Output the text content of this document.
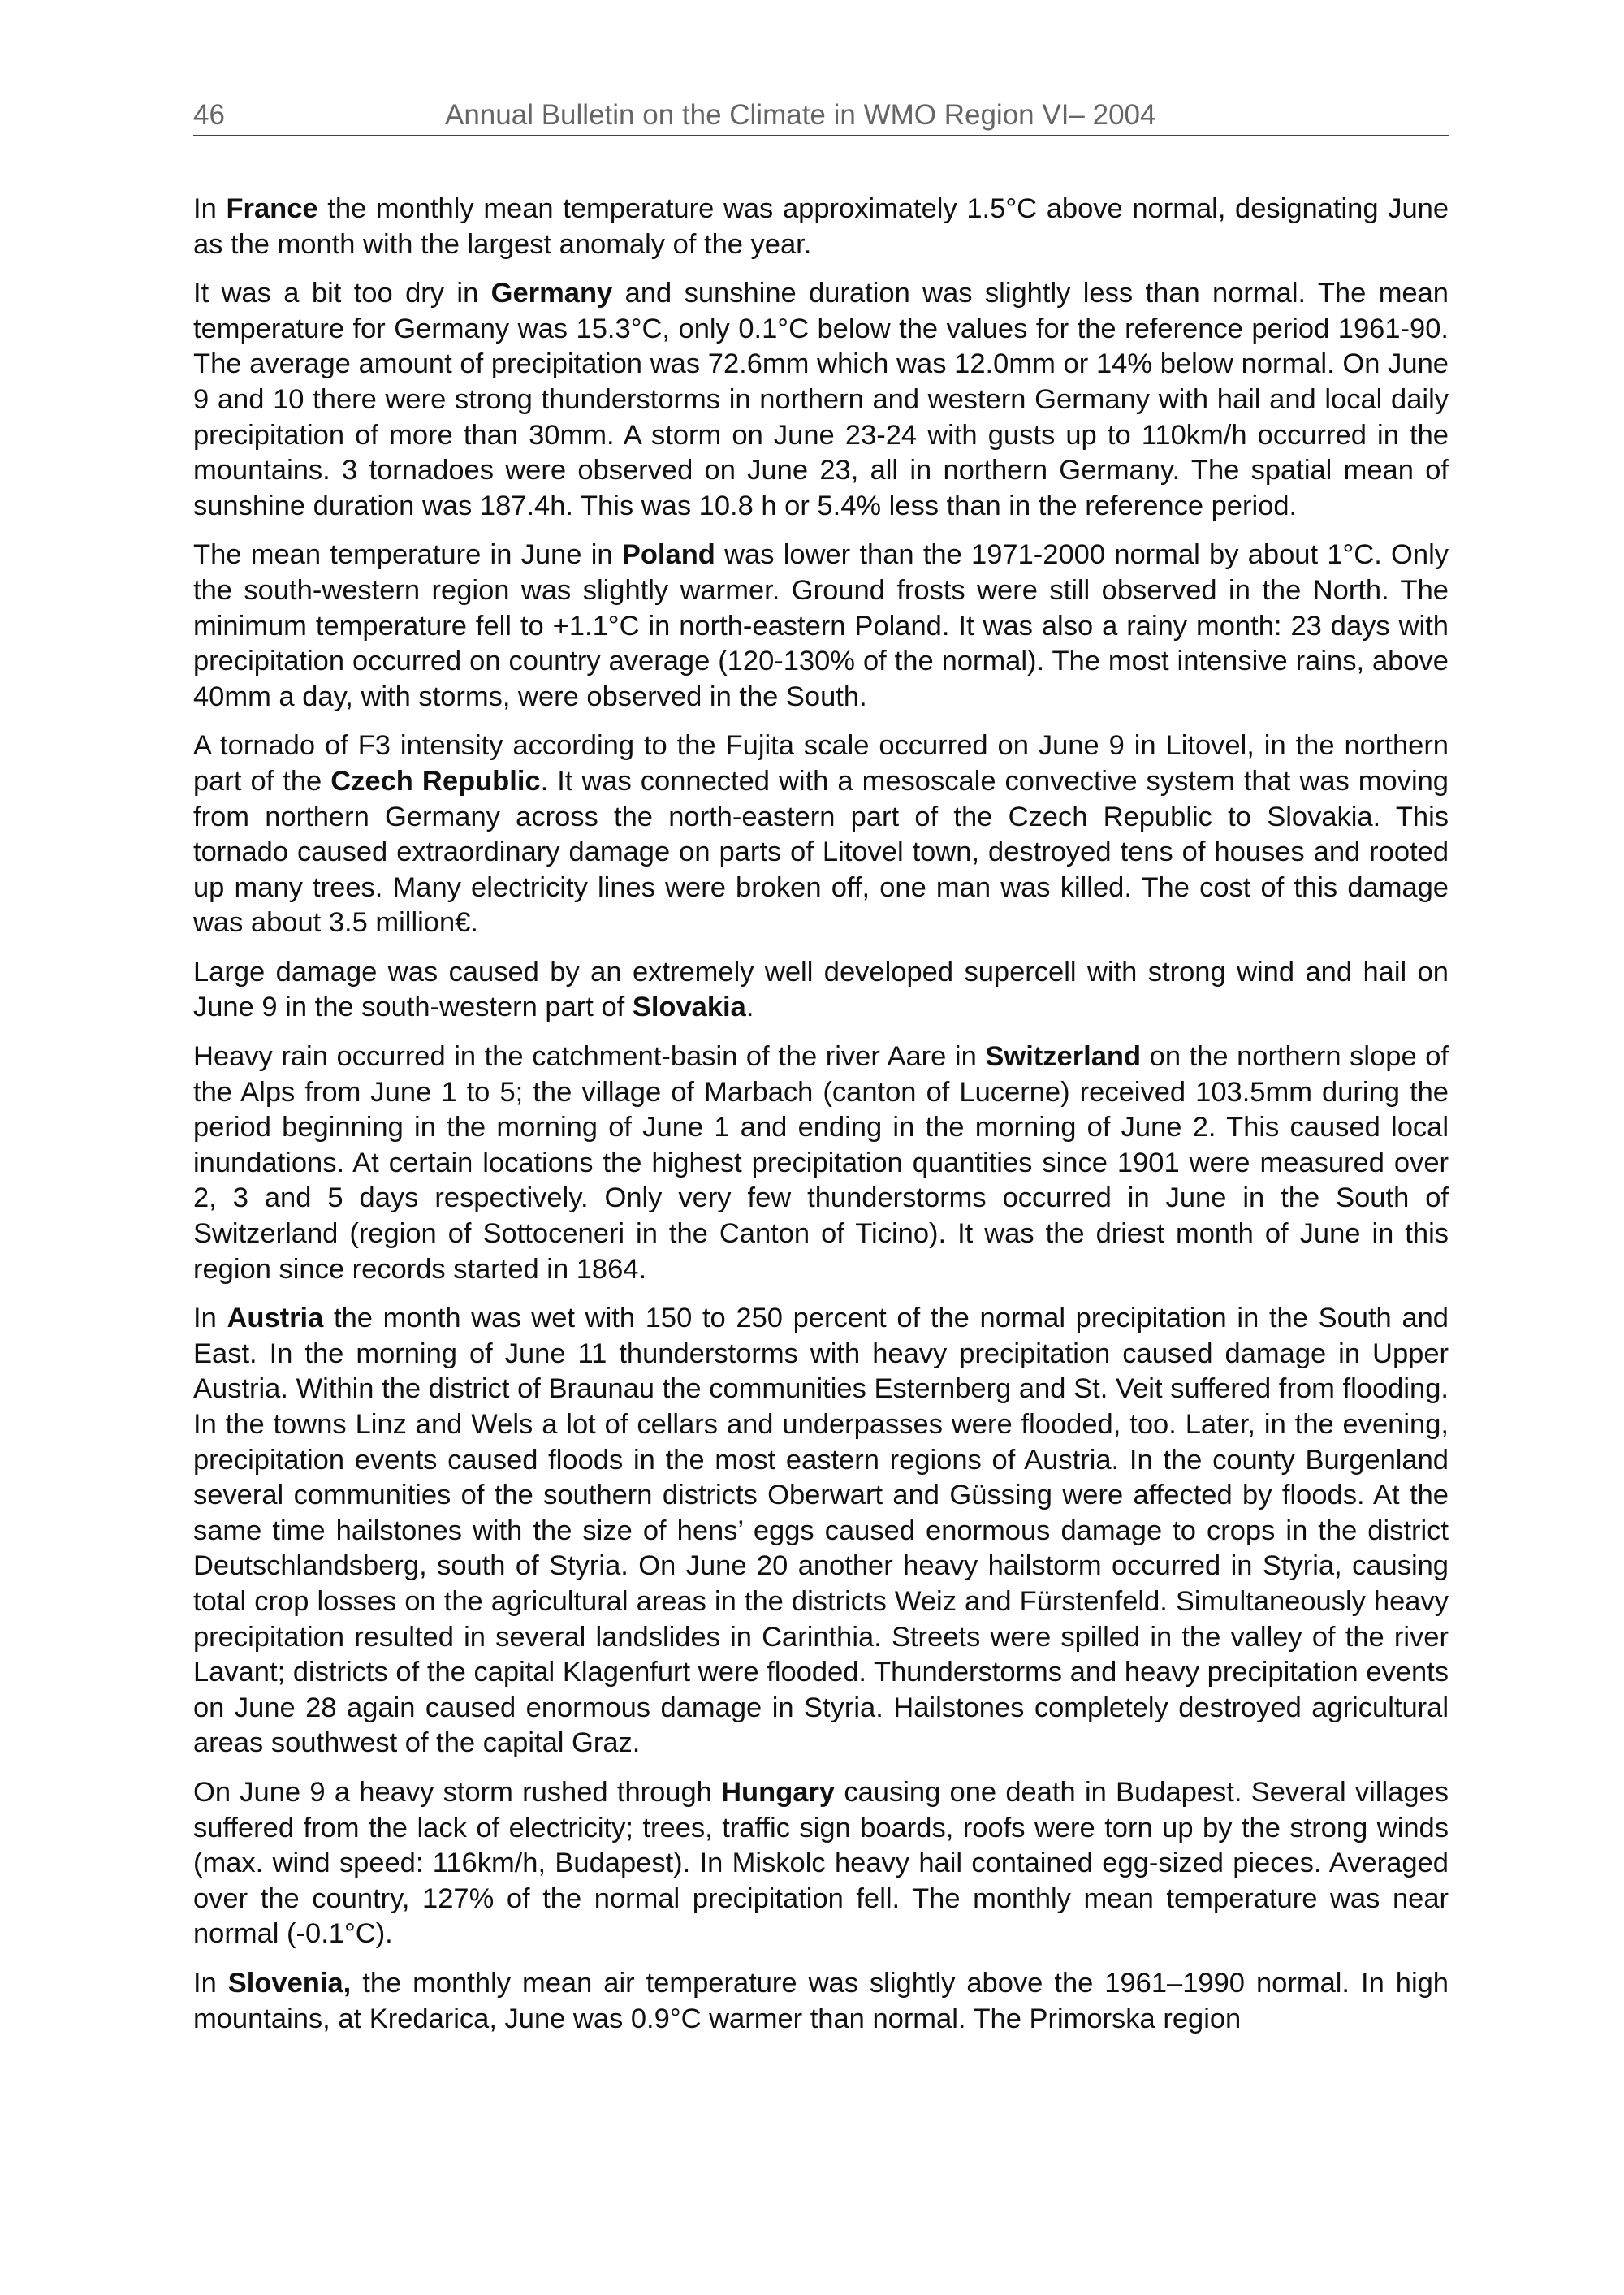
46	Annual Bulletin on the Climate in WMO Region VI– 2004

In France the monthly mean temperature was approximately 1.5°C above normal, designating June as the month with the largest anomaly of the year.

It was a bit too dry in Germany and sunshine duration was slightly less than normal. The mean temperature for Germany was 15.3°C, only 0.1°C below the values for the reference period 1961-90. The average amount of precipitation was 72.6mm which was 12.0mm or 14% below normal. On June 9 and 10 there were strong thunderstorms in northern and western Germany with hail and local daily precipitation of more than 30mm. A storm on June 23-24 with gusts up to 110km/h occurred in the mountains. 3 tornadoes were observed on June 23, all in northern Germany. The spatial mean of sunshine duration was 187.4h. This was 10.8 h or 5.4% less than in the reference period.

The mean temperature in June in Poland was lower than the 1971-2000 normal by about 1°C. Only the south-western region was slightly warmer. Ground frosts were still observed in the North. The minimum temperature fell to +1.1°C in north-eastern Poland. It was also a rainy month: 23 days with precipitation occurred on country average (120-130% of the normal). The most intensive rains, above 40mm a day, with storms, were observed in the South.

A tornado of F3 intensity according to the Fujita scale occurred on June 9 in Litovel, in the northern part of the Czech Republic. It was connected with a mesoscale convective system that was moving from northern Germany across the north-eastern part of the Czech Republic to Slovakia. This tornado caused extraordinary damage on parts of Litovel town, destroyed tens of houses and rooted up many trees. Many electricity lines were broken off, one man was killed. The cost of this damage was about 3.5 million€.

Large damage was caused by an extremely well developed supercell with strong wind and hail on June 9 in the south-western part of Slovakia.

Heavy rain occurred in the catchment-basin of the river Aare in Switzerland on the northern slope of the Alps from June 1 to 5; the village of Marbach (canton of Lucerne) received 103.5mm during the period beginning in the morning of June 1 and ending in the morning of June 2. This caused local inundations. At certain locations the highest precipitation quantities since 1901 were measured over 2, 3 and 5 days respectively. Only very few thunderstorms occurred in June in the South of Switzerland (region of Sottoceneri in the Canton of Ticino). It was the driest month of June in this region since records started in 1864.

In Austria the month was wet with 150 to 250 percent of the normal precipitation in the South and East. In the morning of June 11 thunderstorms with heavy precipitation caused damage in Upper Austria. Within the district of Braunau the communities Esternberg and St. Veit suffered from flooding. In the towns Linz and Wels a lot of cellars and underpasses were flooded, too. Later, in the evening, precipitation events caused floods in the most eastern regions of Austria. In the county Burgenland several communities of the southern districts Oberwart and Güssing were affected by floods. At the same time hailstones with the size of hens’ eggs caused enormous damage to crops in the district Deutschlandsberg, south of Styria. On June 20 another heavy hailstorm occurred in Styria, causing total crop losses on the agricultural areas in the districts Weiz and Fürstenfeld. Simultaneously heavy precipitation resulted in several landslides in Carinthia. Streets were spilled in the valley of the river Lavant; districts of the capital Klagenfurt were flooded. Thunderstorms and heavy precipitation events on June 28 again caused enormous damage in Styria. Hailstones completely destroyed agricultural areas southwest of the capital Graz.

On June 9 a heavy storm rushed through Hungary causing one death in Budapest. Several villages suffered from the lack of electricity; trees, traffic sign boards, roofs were torn up by the strong winds (max. wind speed: 116km/h, Budapest). In Miskolc heavy hail contained egg-sized pieces. Averaged over the country, 127% of the normal precipitation fell. The monthly mean temperature was near normal (-0.1°C).

In Slovenia, the monthly mean air temperature was slightly above the 1961–1990 normal. In high mountains, at Kredarica, June was 0.9°C warmer than normal. The Primorska region
